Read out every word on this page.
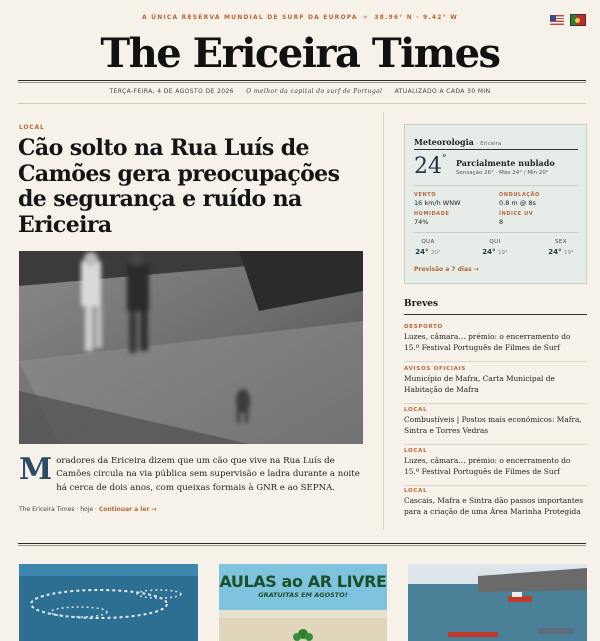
A ÚNICA RESERVA MUNDIAL DE SURF DA EUROPA ★ 38.96° N · 9.42° W
The Ericeira Times
TERÇA-FEIRA, 4 DE AGOSTO DE 2026 O melhor da capital do surf de Portugal ATUALIZADO A CADA 30 MIN
LOCAL
Cão solto na Rua Luís de Camões gera preocupações de segurança e ruído na Ericeira

Moradores da Ericeira dizem que um cão que vive na Rua Luís de Camões circula na via pública sem supervisão e ladra durante a noite há cerca de dois anos, com queixas formais à GNR e ao SEPNA.

The Ericeira Times · hoje · Continuar a ler →
Meteorologia · Ericeira
24° Parcialmente nublado
Sensação 26° · Máx 24° / Mín 20°
VENTO
16 km/h WNW
ONDULAÇÃO
0.8 m @ 8s
HUMIDADE
74%
ÍNDICE UV
8
QUA
24° 20°
QUI
24° 19°
SEX
24° 19°
Previsão a 7 dias →
Breves
DESPORTO
Luzes, câmara… prémio: o encerramento do 15.º Festival Português de Filmes de Surf
AVISOS OFICIAIS
Município de Mafra, Carta Municipal de Habitação de Mafra
LOCAL
Combustíveis | Postos mais económicos: Mafra, Sintra e Torres Vedras
LOCAL
Luzes, câmara… prémio: o encerramento do 15.º Festival Português de Filmes de Surf
LOCAL
Cascais, Mafra e Sintra dão passos importantes para a criação de uma Área Marinha Protegida
AULAS ao AR LIVRE
GRATUITAS EM AGOSTO!
